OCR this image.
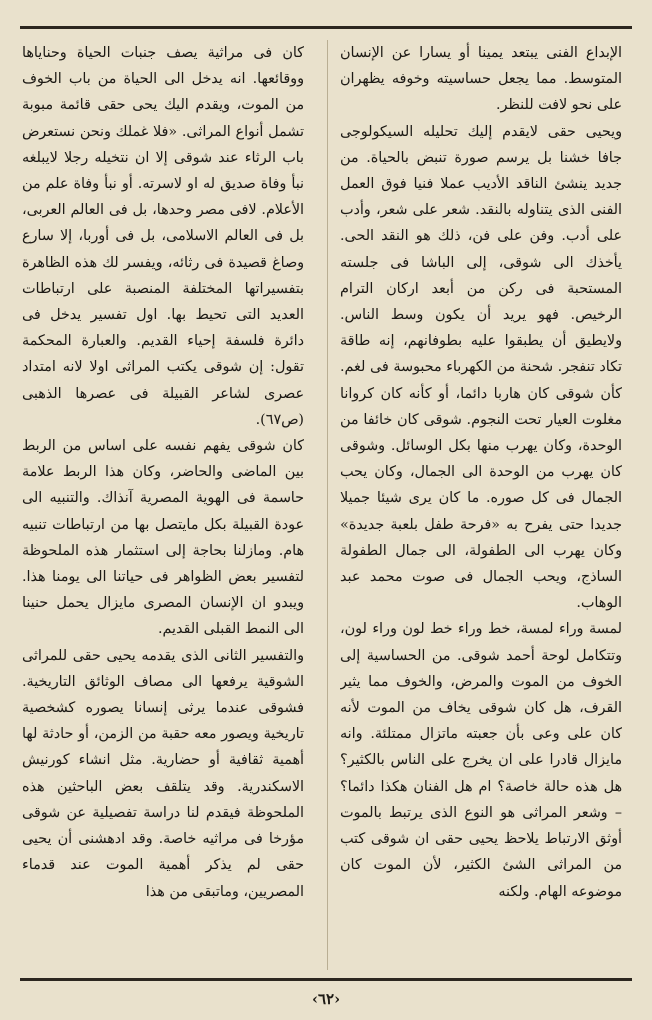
الإبداع الفنى يبتعد يمينا أو يسارا عن الإنسان المتوسط. مما يجعل حساسيته وخوفه يظهران على نحو لافت للنظر.

ويحيى حقى لايقدم إليك تحليله السيكولوجى جافا خشنا بل يرسم صورة تنبض بالحياة. من جديد ينشئ الناقد الأديب عملا فنيا فوق العمل الفنى الذى يتناوله بالنقد. شعر على شعر، وأدب على أدب. وفن على فن، ذلك هو النقد الحى. يأخذك الى شوقى، إلى الباشا فى جلسته المستحبة فى ركن من أبعد اركان الترام الرخيص. فهو يريد أن يكون وسط الناس. ولايطيق أن يطبقوا عليه بطوفانهم، إنه طاقة تكاد تنفجر. شحنة من الكهرباء محبوسة فى لغم. كأن شوقى كان هاربا دائما، أو كأنه كان كروانا مغلوت العيار تحت النجوم. شوقى كان خائفا من الوحدة، وكان يهرب منها بكل الوسائل. وشوقى كان يهرب من الوحدة الى الجمال، وكان يحب الجمال فى كل صوره. ما كان يرى شيئا جميلا جديدا حتى يفرح به «فرحة طفل بلعبة جديدة» وكان يهرب الى الطفولة، الى جمال الطفولة الساذج، ويحب الجمال فى صوت محمد عبد الوهاب.

لمسة وراء لمسة، خط وراء خط لون وراء لون، وتتكامل لوحة أحمد شوقى. من الحساسية إلى الخوف من الموت والمرض، والخوف مما يثير القرف، هل كان شوقى يخاف من الموت لأنه كان على وعى بأن جعبته ماتزال ممتلئة. وانه مايزال قادرا على ان يخرج على الناس بالكثير؟ هل هذه حالة خاصة؟ ام هل الفنان هكذا دائما؟ – وشعر المراثى هو النوع الذى يرتبط بالموت أوثق الارتباط يلاحظ يحيى حقى ان شوقى كتب من المراثى الشئ الكثير، لأن الموت كان موضوعه الهام. ولكنه

كان فى مراثية يصف جنبات الحياة وحناياها ووقائعها. انه يدخل الى الحياة من باب الخوف من الموت، ويقدم اليك يحى حقى قائمة مبوبة تشمل أنواع المراثى. «فلا غملك ونحن نستعرض باب الرثاء عند شوقى إلا ان نتخيله رجلا لايبلغه نبأ وفاة صديق له او لاسرته. أو نبأ وفاة علم من الأعلام. لافى مصر وحدها، بل فى العالم العربى، بل فى العالم الاسلامى، بل فى أوربا، إلا سارع وصاغ قصيدة فى رثائه، ويفسر لك هذه الظاهرة بتفسيراتها المختلفة المنصبة على ارتباطات العديد التى تحيط بها. اول تفسير يدخل فى دائرة فلسفة إحياء القديم. والعبارة المحكمة تقول: إن شوقى يكتب المراثى اولا لانه امتداد عصرى لشاعر القبيلة فى عصرها الذهبى (ص٦٧).

كان شوقى يفهم نفسه على اساس من الربط بين الماضى والحاضر، وكان هذا الربط علامة حاسمة فى الهوية المصرية آنذاك. والتنبيه الى عودة القبيلة بكل مايتصل بها من ارتباطات تنبيه هام. ومازلنا بحاجة إلى استثمار هذه الملحوظة لتفسير بعض الظواهر فى حياتنا الى يومنا هذا. ويبدو ان الإنسان المصرى مايزال يحمل حنينا الى النمط القبلى القديم.

والتفسير الثانى الذى يقدمه يحيى حقى للمراثى الشوقية يرفعها الى مصاف الوثائق التاريخية. فشوقى عندما يرثى إنسانا يصوره كشخصية تاريخية ويصور معه حقبة من الزمن، أو حادثة لها أهمية ثقافية أو حضارية. مثل انشاء كورنيش الاسكندرية. وقد يتلقف بعض الباحثين هذه الملحوظة فيقدم لنا دراسة تفصيلية عن شوقى مؤرخا فى مراثيه خاصة. وقد ادهشنى أن يحيى حقى لم يذكر أهمية الموت عند قدماء المصريين، وماتبقى من هذا

‹٦٢›
